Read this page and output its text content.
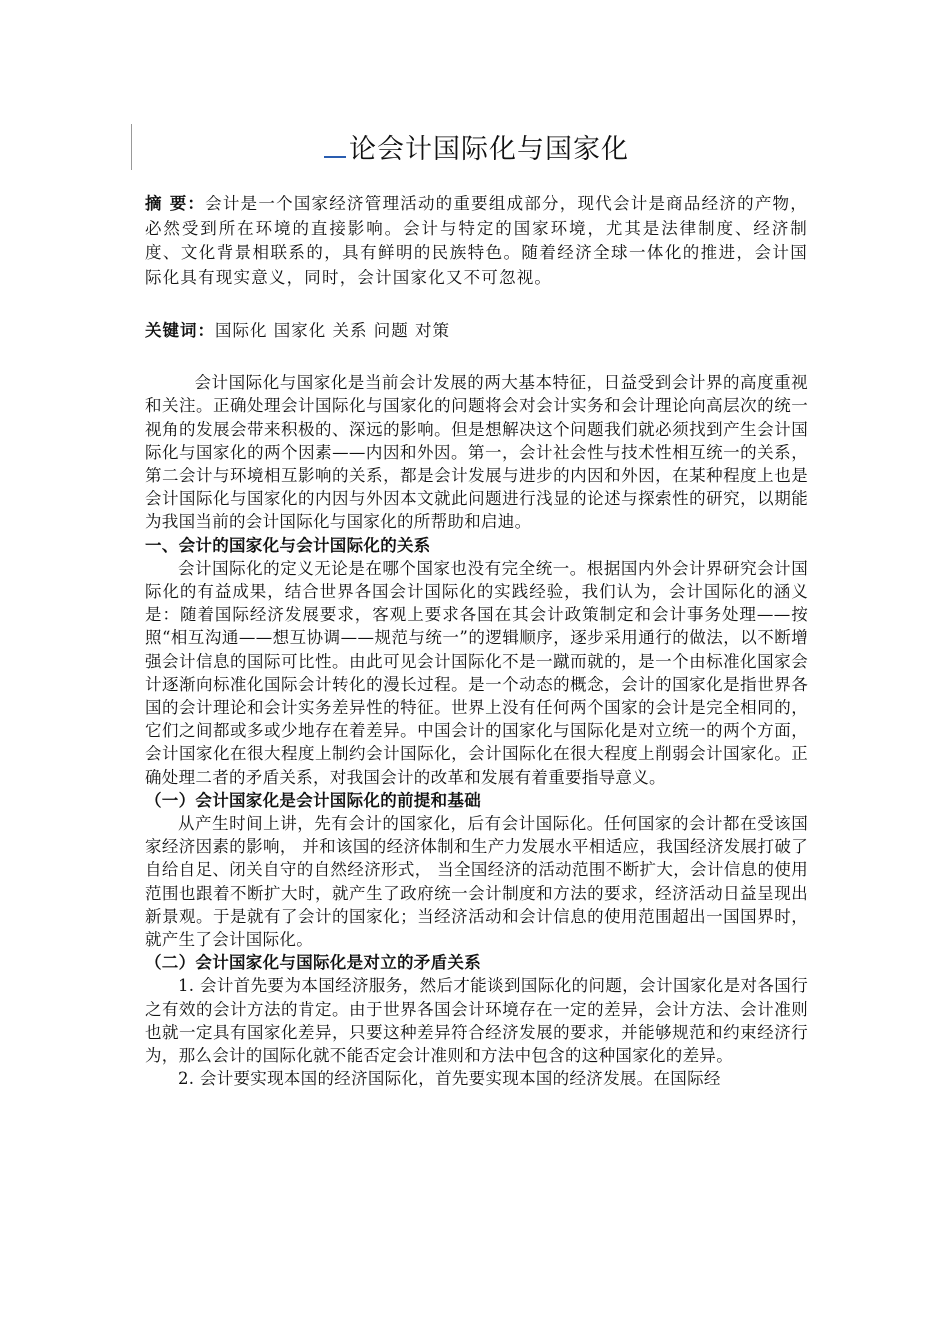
论会计国际化与国家化

摘 要：会计是一个国家经济管理活动的重要组成部分，现代会计是商品经济的产物，必然受到所在环境的直接影响。会计与特定的国家环境，尤其是法律制度、经济制度、文化背景相联系的，具有鲜明的民族特色。随着经济全球一体化的推进，会计国际化具有现实意义，同时，会计国家化又不可忽视。

关键词：国际化 国家化 关系 问题 对策

会计国际化与国家化是当前会计发展的两大基本特征，日益受到会计界的高度重视和关注。正确处理会计国际化与国家化的问题将会对会计实务和会计理论向高层次的统一视角的发展会带来积极的、深远的影响。但是想解决这个问题我们就必须找到产生会计国际化与国家化的两个因素——内因和外因。第一，会计社会性与技术性相互统一的关系，第二会计与环境相互影响的关系，都是会计发展与进步的内因和外因，在某种程度上也是会计国际化与国家化的内因与外因本文就此问题进行浅显的论述与探索性的研究，以期能为我国当前的会计国际化与国家化的所帮助和启迪。

一、会计的国家化与会计国际化的关系

会计国际化的定义无论是在哪个国家也没有完全统一。根据国内外会计界研究会计国际化的有益成果，结合世界各国会计国际化的实践经验，我们认为，会计国际化的涵义是：随着国际经济发展要求，客观上要求各国在其会计政策制定和会计事务处理——按照“相互沟通——想互协调——规范与统一”的逻辑顺序，逐步采用通行的做法，以不断增强会计信息的国际可比性。由此可见会计国际化不是一蹴而就的，是一个由标准化国家会计逐渐向标准化国际会计转化的漫长过程。是一个动态的概念，会计的国家化是指世界各国的会计理论和会计实务差异性的特征。世界上没有任何两个国家的会计是完全相同的，它们之间都或多或少地存在着差异。中国会计的国家化与国际化是对立统一的两个方面，会计国家化在很大程度上制约会计国际化，会计国际化在很大程度上削弱会计国家化。正确处理二者的矛盾关系，对我国会计的改革和发展有着重要指导意义。

（一）会计国家化是会计国际化的前提和基础

从产生时间上讲，先有会计的国家化，后有会计国际化。任何国家的会计都在受该国家经济因素的影响， 并和该国的经济体制和生产力发展水平相适应，我国经济发展打破了自给自足、闭关自守的自然经济形式， 当全国经济的活动范围不断扩大，会计信息的使用范围也跟着不断扩大时，就产生了政府统一会计制度和方法的要求，经济活动日益呈现出新景观。于是就有了会计的国家化；当经济活动和会计信息的使用范围超出一国国界时，就产生了会计国际化。

（二）会计国家化与国际化是对立的矛盾关系

1. 会计首先要为本国经济服务，然后才能谈到国际化的问题，会计国家化是对各国行之有效的会计方法的肯定。由于世界各国会计环境存在一定的差异，会计方法、会计准则也就一定具有国家化差异，只要这种差异符合经济发展的要求，并能够规范和约束经济行为，那么会计的国际化就不能否定会计准则和方法中包含的这种国家化的差异。

2. 会计要实现本国的经济国际化，首先要实现本国的经济发展。在国际经
